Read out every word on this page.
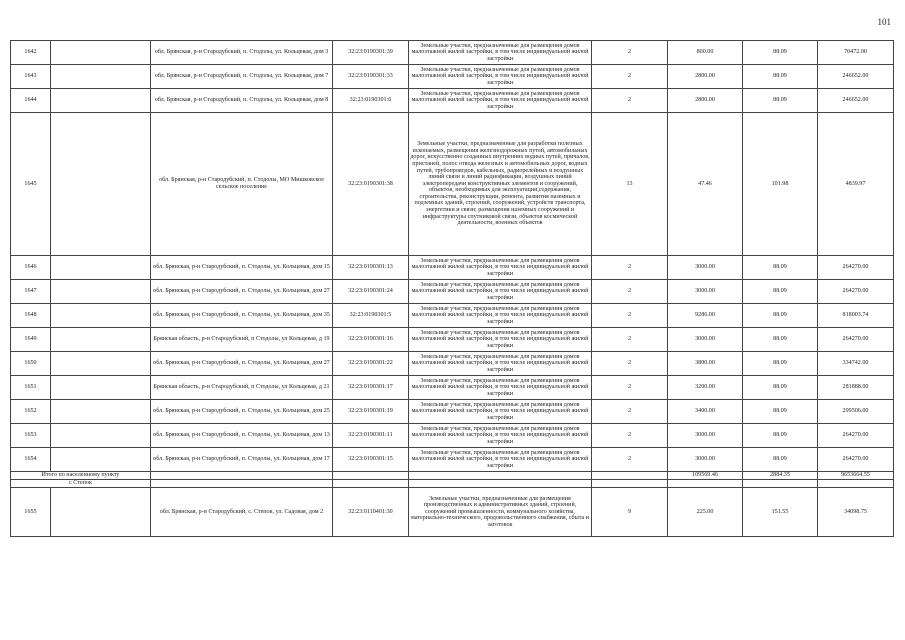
101
1642		обл. Брянская, р-н Стародубский, п. Стодолы, ул. Кольцевая, дом 3	32:23:0190301:39	Земельные участки, предназначенные для размещения домов малоэтажной жилой застройки, в том числе индивидуальной жилой застройки	2	800.00	88.09	70472.00
1643		обл. Брянская, р-н Стародубский, п. Стодолы, ул. Кольцевая, дом 7	32:23:0190301:33	Земельные участки, предназначенные для размещения домов малоэтажной жилой застройки, в том числе индивидуальной жилой застройки	2	2800.00	88.09	246652.00
1644		обл. Брянская, р-н Стародубский, п. Стодолы, ул. Кольцевая, дом 8	32:23:0190301:6	Земельные участки, предназначенные для размещения домов малоэтажной жилой застройки, в том числе индивидуальной жилой застройки	2	2800.00	88.09	246652.00
1645		обл. Брянская, р-н Стародубский, п. Стодолы, МО Мишковское сельское поселение	32:23:0190301:38	Земельные участки, предназначенные для разработки полезных ископаемых, размещения железнодорожных путей, автомобильных дорог, искусственно созданных внутренних водных путей, причалов, пристаней, полос отвода железных и автомобильных дорог, водных путей, трубопроводов, кабельных, радиорелейных и воздушных линий связи и линий радиофикации, воздушных линий электропередачи конструктивных элементов и сооружений, объектов, необходимых для эксплуатации,содержания, строительства, реконструкции, ремонта, развития наземных и подземных зданий, строений, сооружений, устройств транспорта, энергетики и связи; размещения наземных сооружений и инфраструктуры спутниковой связи, объектов космической деятельности, военных объектов	13	47.46	101.98	4839.97
1646		обл. Брянская, р-н Стародубский, п. Стодолы, ул. Кольцевая, дом 15	32:23:0190301:13	Земельные участки, предназначенные для размещения домов малоэтажной жилой застройки, в том числе индивидуальной жилой застройки	2	3000.00	88.09	264270.00
1647		обл. Брянская, р-н Стародубский, п. Стодолы, ул. Кольцевая, дом 27	32:23:0190301:24	Земельные участки, предназначенные для размещения домов малоэтажной жилой застройки, в том числе индивидуальной жилой застройки	2	3000.00	88.09	264270.00
1648		обл. Брянская, р-н Стародубский, п. Стодолы, ул. Кольцевая, дом 35	32:23:0190301:5	Земельные участки, предназначенные для размещения домов малоэтажной жилой застройки, в том числе индивидуальной жилой застройки	2	9286.00	88.09	818003.74
1649		Брянская область, р-н Стародубский, п Стодолы, ул Кольцевая, д 19	32:23:0190301:16	Земельные участки, предназначенные для размещения домов малоэтажной жилой застройки, в том числе индивидуальной жилой застройки	2	3000.00	88.09	264270.00
1650		обл. Брянская, р-н Стародубский, п. Стодолы, ул. Кольцевая, дом 27	32:23:0190301:22	Земельные участки, предназначенные для размещения домов малоэтажной жилой застройки, в том числе индивидуальной жилой застройки	2	3800.00	88.09	334742.00
1651		Брянская область, р-н Стародубский, п Стодолы, ул Кольцевая, д 21	32:23:0190301:17	Земельные участки, предназначенные для размещения домов малоэтажной жилой застройки, в том числе индивидуальной жилой застройки	2	3200.00	88.09	281888.00
1652		обл. Брянская, р-н Стародубский, п. Стодолы, ул. Кольцевая, дом 25	32:23:0190301:19	Земельные участки, предназначенные для размещения домов малоэтажной жилой застройки, в том числе индивидуальной жилой застройки	2	3400.00	88.09	299506.00
1653		обл. Брянская, р-н Стародубский, п. Стодолы, ул. Кольцевая, дом 13	32:23:0190301:11	Земельные участки, предназначенные для размещения домов малоэтажной жилой застройки, в том числе индивидуальной жилой застройки	2	3000.00	88.09	264270.00
1654		обл. Брянская, р-н Стародубский, п. Стодолы, ул. Кольцевая, дом 17	32:23:0190301:15	Земельные участки, предназначенные для размещения домов малоэтажной жилой застройки, в том числе индивидуальной жилой застройки	2	3000.00	88.09	264270.00
Итого по населенному пункту						109569.46	2884.35	9653664.55
с Степок								
1655		обл. Брянская, р-н Стародубский, с. Степок, ул. Садовая, дом 2	32:23:0110401:30	Земельные участки, предназначенные для размещения производственных и административных зданий, строений, сооружений промышленности, коммунального хозяйства, материально-технического, продовольственного снабжения, сбыта и заготовок	9	225.00	151.55	34098.75
